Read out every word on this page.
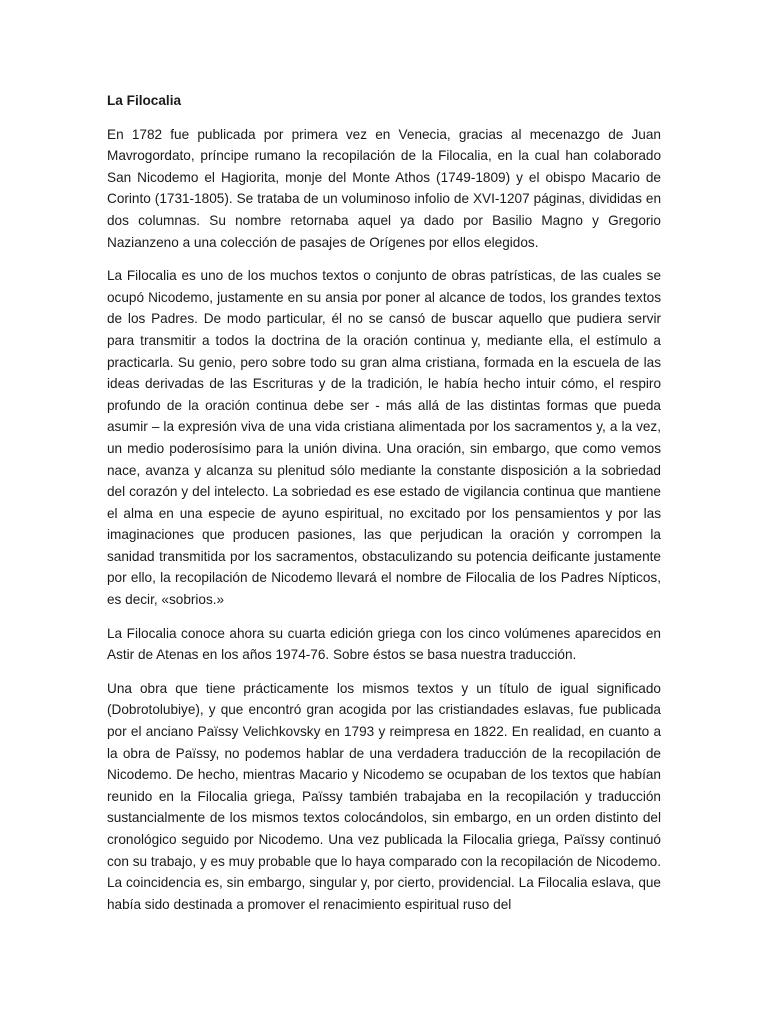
La Filocalia

En 1782 fue publicada por primera vez en Venecia, gracias al mecenazgo de Juan Mavrogordato, príncipe rumano la recopilación de la Filocalia, en la cual han colaborado San Nicodemo el Hagiorita, monje del Monte Athos (1749-1809) y el obispo Macario de Corinto (1731-1805). Se trataba de un voluminoso infolio de XVI-1207 páginas, divididas en dos columnas. Su nombre retornaba aquel ya dado por Basilio Magno y Gregorio Nazianzeno a una colección de pasajes de Orígenes por ellos elegidos.

La Filocalia es uno de los muchos textos o conjunto de obras patrísticas, de las cuales se ocupó Nicodemo, justamente en su ansia por poner al alcance de todos, los grandes textos de los Padres. De modo particular, él no se cansó de buscar aquello que pudiera servir para transmitir a todos la doctrina de la oración continua y, mediante ella, el estímulo a practicarla. Su genio, pero sobre todo su gran alma cristiana, formada en la escuela de las ideas derivadas de las Escrituras y de la tradición, le había hecho intuir cómo, el respiro profundo de la oración continua debe ser - más allá de las distintas formas que pueda asumir – la expresión viva de una vida cristiana alimentada por los sacramentos y, a la vez, un medio poderosísimo para la unión divina. Una oración, sin embargo, que como vemos nace, avanza y alcanza su plenitud sólo mediante la constante disposición a la sobriedad del corazón y del intelecto. La sobriedad es ese estado de vigilancia continua que mantiene el alma en una especie de ayuno espiritual, no excitado por los pensamientos y por las imaginaciones que producen pasiones, las que perjudican la oración y corrompen la sanidad transmitida por los sacramentos, obstaculizando su potencia deificante justamente por ello, la recopilación de Nicodemo llevará el nombre de Filocalia de los Padres Nípticos, es decir, «sobrios.»

La Filocalia conoce ahora su cuarta edición griega con los cinco volúmenes aparecidos en Astir de Atenas en los años 1974-76. Sobre éstos se basa nuestra traducción.

Una obra que tiene prácticamente los mismos textos y un título de igual significado (Dobrotolubiye), y que encontró gran acogida por las cristiandades eslavas, fue publicada por el anciano Païssy Velichkovsky en 1793 y reimpresa en 1822. En realidad, en cuanto a la obra de Païssy, no podemos hablar de una verdadera traducción de la recopilación de Nicodemo. De hecho, mientras Macario y Nicodemo se ocupaban de los textos que habían reunido en la Filocalia griega, Païssy también trabajaba en la recopilación y traducción sustancialmente de los mismos textos colocándolos, sin embargo, en un orden distinto del cronológico seguido por Nicodemo. Una vez publicada la Filocalia griega, Païssy continuó con su trabajo, y es muy probable que lo haya comparado con la recopilación de Nicodemo. La coincidencia es, sin embargo, singular y, por cierto, providencial. La Filocalia eslava, que había sido destinada a promover el renacimiento espiritual ruso del
